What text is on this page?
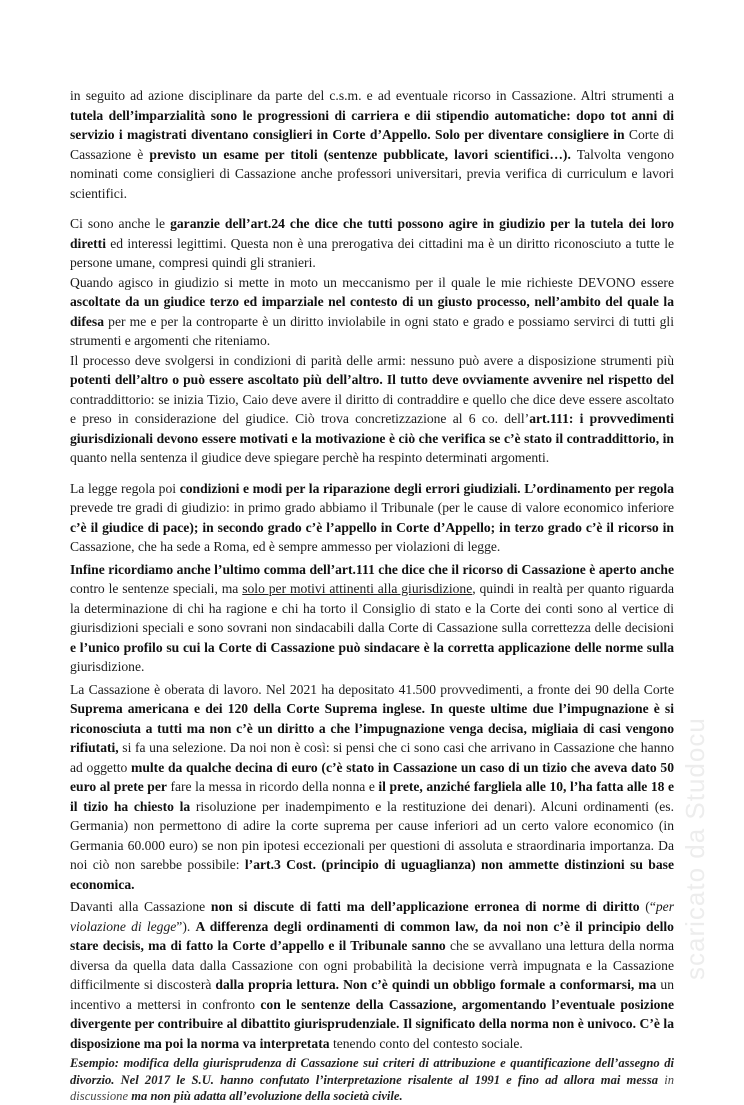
scaricato da Studocu

in seguito ad azione disciplinare da parte del c.s.m. e ad eventuale ricorso in Cassazione. Altri strumenti a tutela dell’imparzialità sono le progressioni di carriera e dii stipendio automatiche: dopo tot anni di servizio i magistrati diventano consiglieri in Corte d’Appello. Solo per diventare consigliere in Corte di Cassazione è previsto un esame per titoli (sentenze pubblicate, lavori scientifici…). Talvolta vengono nominati come consiglieri di Cassazione anche professori universitari, previa verifica di curriculum e lavori scientifici.

Ci sono anche le garanzie dell’art.24 che dice che tutti possono agire in giudizio per la tutela dei loro diretti ed interessi legittimi. Questa non è una prerogativa dei cittadini ma è un diritto riconosciuto a tutte le persone umane, compresi quindi gli stranieri.

Quando agisco in giudizio si mette in moto un meccanismo per il quale le mie richieste DEVONO essere ascoltate da un giudice terzo ed imparziale nel contesto di un giusto processo, nell’ambito del quale la difesa per me e per la controparte è un diritto inviolabile in ogni stato e grado e possiamo servirci di tutti gli strumenti e argomenti che riteniamo.

Il processo deve svolgersi in condizioni di parità delle armi: nessuno può avere a disposizione strumenti più potenti dell’altro o può essere ascoltato più dell’altro. Il tutto deve ovviamente avvenire nel rispetto del contraddittorio: se inizia Tizio, Caio deve avere il diritto di contraddire e quello che dice deve essere ascoltato e preso in considerazione del giudice. Ciò trova concretizzazione al 6 co. dell’art.111: i provvedimenti giurisdizionali devono essere motivati e la motivazione è ciò che verifica se c’è stato il contraddittorio, in quanto nella sentenza il giudice deve spiegare perchè ha respinto determinati argomenti.

La legge regola poi condizioni e modi per la riparazione degli errori giudiziali. L’ordinamento per regola prevede tre gradi di giudizio: in primo grado abbiamo il Tribunale (per le cause di valore economico inferiore c’è il giudice di pace); in secondo grado c’è l’appello in Corte d’Appello; in terzo grado c’è il ricorso in Cassazione, che ha sede a Roma, ed è sempre ammesso per violazioni di legge.

Infine ricordiamo anche l’ultimo comma dell’art.111 che dice che il ricorso di Cassazione è aperto anche contro le sentenze speciali, ma solo per motivi attinenti alla giurisdizione, quindi in realtà per quanto riguarda la determinazione di chi ha ragione e chi ha torto il Consiglio di stato e la Corte dei conti sono al vertice di giurisdizioni speciali e sono sovrani non sindacabili dalla Corte di Cassazione sulla correttezza delle decisioni e l’unico profilo su cui la Corte di Cassazione può sindacare è la corretta applicazione delle norme sulla giurisdizione.

La Cassazione è oberata di lavoro. Nel 2021 ha depositato 41.500 provvedimenti, a fronte dei 90 della Corte Suprema americana e dei 120 della Corte Suprema inglese. In queste ultime due l’impugnazione è si riconosciuta a tutti ma non c’è un diritto a che l’impugnazione venga decisa, migliaia di casi vengono rifiutati, si fa una selezione. Da noi non è così: si pensi che ci sono casi che arrivano in Cassazione che hanno ad oggetto multe da qualche decina di euro (c’è stato in Cassazione un caso di un tizio che aveva dato 50 euro al prete per fare la messa in ricordo della nonna e il prete, anziché fargliela alle 10, l’ha fatta alle 18 e il tizio ha chiesto la risoluzione per inadempimento e la restituzione dei denari). Alcuni ordinamenti (es. Germania) non permettono di adire la corte suprema per cause inferiori ad un certo valore economico (in Germania 60.000 euro) se non pin ipotesi eccezionali per questioni di assoluta e straordinaria importanza. Da noi ciò non sarebbe possibile: l’art.3 Cost. (principio di uguaglianza) non ammette distinzioni su base economica.

Davanti alla Cassazione non si discute di fatti ma dell’applicazione erronea di norme di diritto (“per violazione di legge”). A differenza degli ordinamenti di common law, da noi non c’è il principio dello stare decisis, ma di fatto la Corte d’appello e il Tribunale sanno che se avvallano una lettura della norma diversa da quella data dalla Cassazione con ogni probabilità la decisione verrà impugnata e la Cassazione difficilmente si discosterà dalla propria lettura. Non c’è quindi un obbligo formale a conformarsi, ma un incentivo a mettersi in confronto con le sentenze della Cassazione, argomentando l’eventuale posizione divergente per contribuire al dibattito giurisprudenziale. Il significato della norma non è univoco. C’è la disposizione ma poi la norma va interpretata tenendo conto del contesto sociale.

Esempio: modifica della giurisprudenza di Cassazione sui criteri di attribuzione e quantificazione dell’assegno di divorzio. Nel 2017 le S.U. hanno confutato l’interpretazione risalente al 1991 e fino ad allora mai messa in discussione ma non più adatta all’evoluzione della società civile.
